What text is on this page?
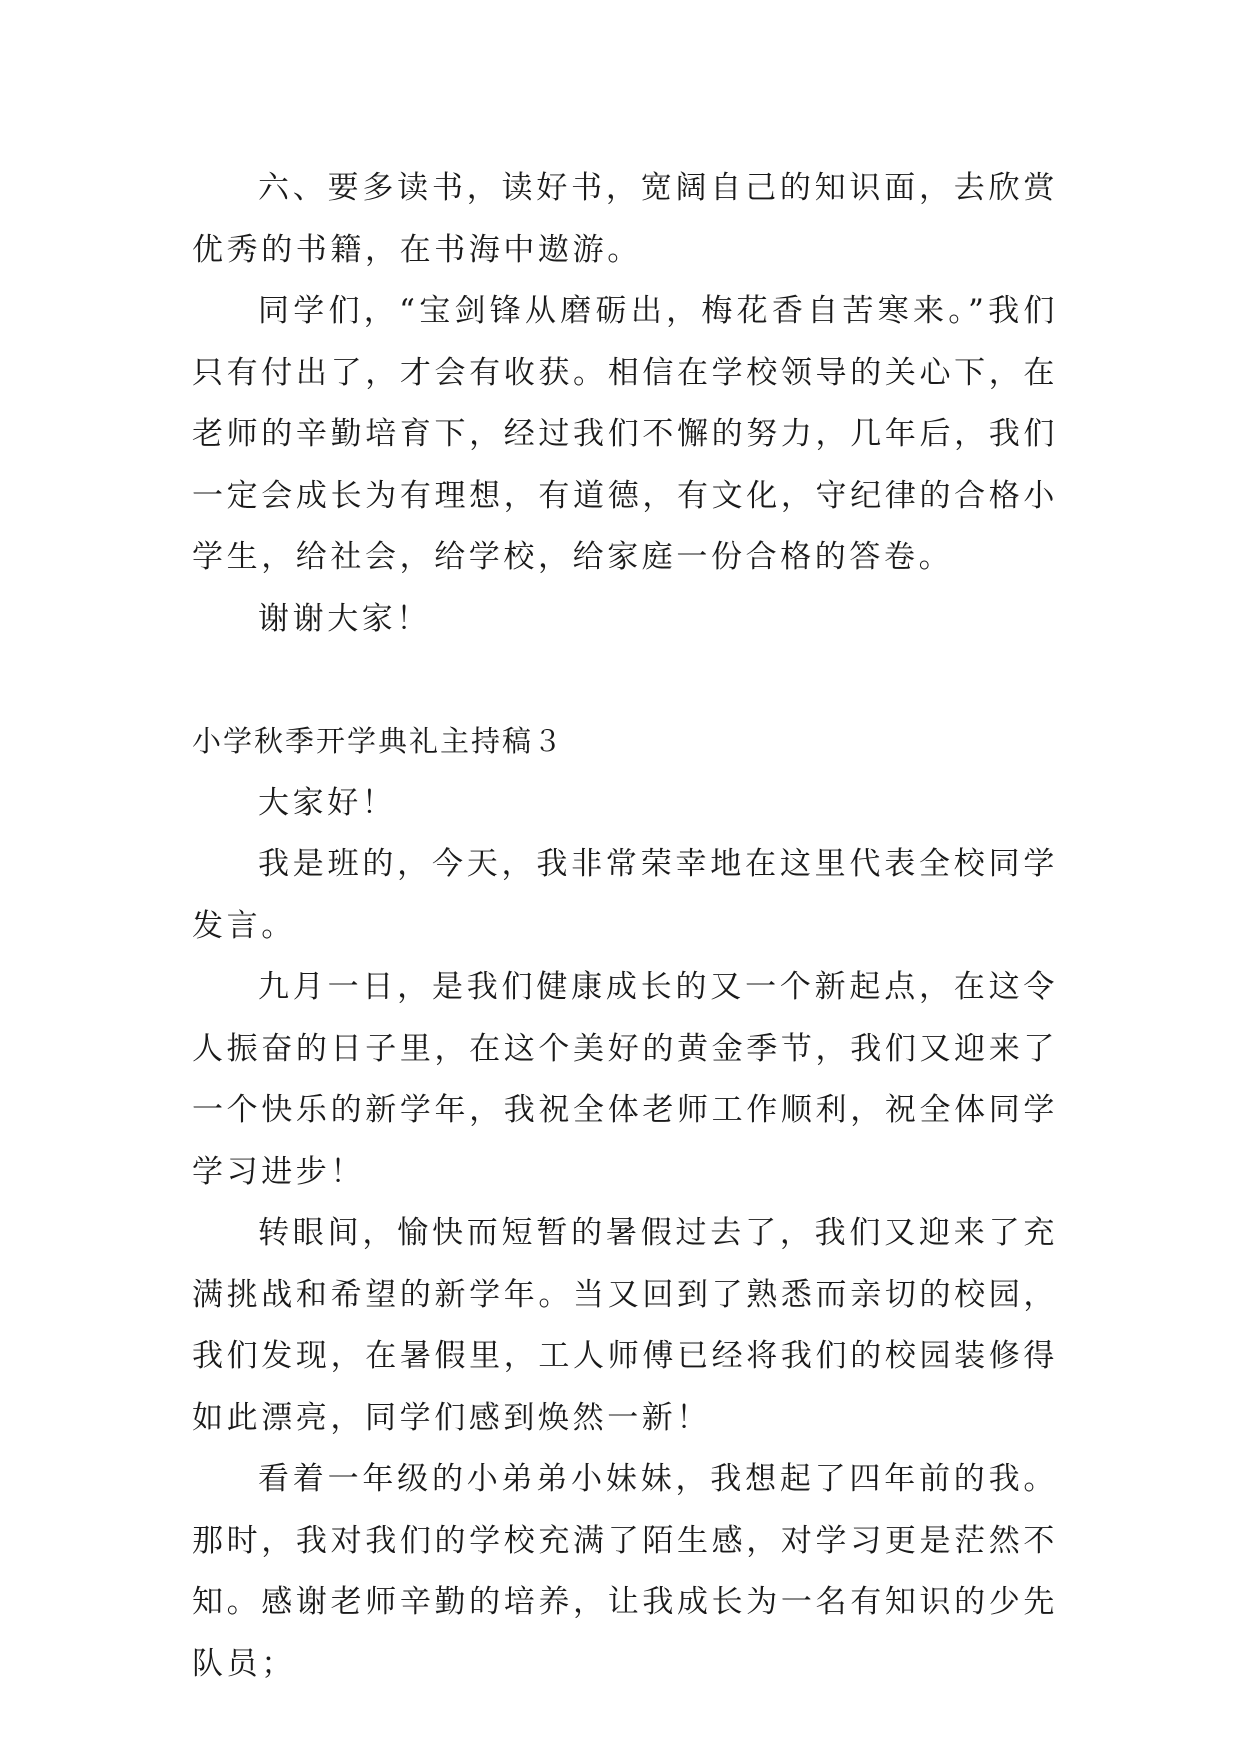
六、要多读书，读好书，宽阔自己的知识面，去欣赏优秀的书籍，在书海中遨游。

同学们，“宝剑锋从磨砺出，梅花香自苦寒来。”我们只有付出了，才会有收获。相信在学校领导的关心下，在老师的辛勤培育下，经过我们不懈的努力，几年后，我们一定会成长为有理想，有道德，有文化，守纪律的合格小学生，给社会，给学校，给家庭一份合格的答卷。

谢谢大家！

小学秋季开学典礼主持稿３

大家好！

我是班的，今天，我非常荣幸地在这里代表全校同学发言。

九月一日，是我们健康成长的又一个新起点，在这令人振奋的日子里，在这个美好的黄金季节，我们又迎来了一个快乐的新学年，我祝全体老师工作顺利，祝全体同学学习进步！

转眼间，愉快而短暂的暑假过去了，我们又迎来了充满挑战和希望的新学年。当又回到了熟悉而亲切的校园，我们发现，在暑假里，工人师傅已经将我们的校园装修得如此漂亮，同学们感到焕然一新！

看着一年级的小弟弟小妹妹，我想起了四年前的我。那时，我对我们的学校充满了陌生感，对学习更是茫然不知。感谢老师辛勤的培养，让我成长为一名有知识的少先队员；
